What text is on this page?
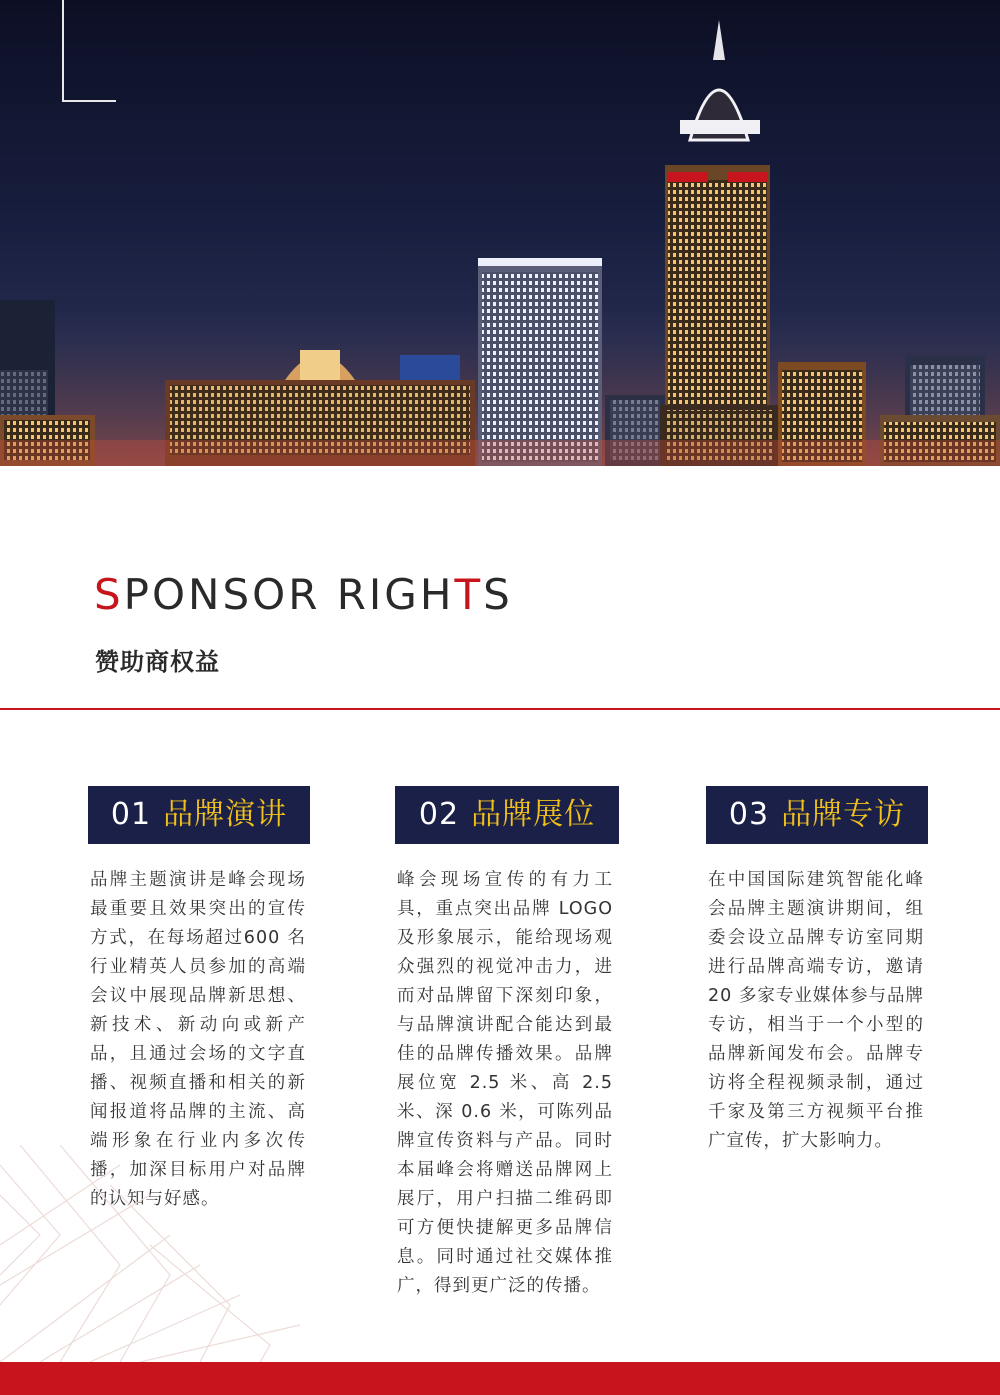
SPONSOR RIGHTS
赞助商权益
01 品牌演讲
品牌主题演讲是峰会现场最重要且效果突出的宣传方式，在每场超过600 名行业精英人员参加的高端会议中展现品牌新思想、新技术、新动向或新产品，且通过会场的文字直播、视频直播和相关的新闻报道将品牌的主流、高端形象在行业内多次传播，加深目标用户对品牌的认知与好感。
02 品牌展位
峰会现场宣传的有力工具，重点突出品牌 LOGO 及形象展示，能给现场观众强烈的视觉冲击力，进而对品牌留下深刻印象，与品牌演讲配合能达到最佳的品牌传播效果。品牌展位宽 2.5 米、高 2.5 米、深 0.6 米，可陈列品牌宣传资料与产品。同时本届峰会将赠送品牌网上展厅，用户扫描二维码即可方便快捷解更多品牌信息。同时通过社交媒体推广，得到更广泛的传播。
03 品牌专访
在中国国际建筑智能化峰会品牌主题演讲期间，组委会设立品牌专访室同期进行品牌高端专访，邀请 20 多家专业媒体参与品牌专访，相当于一个小型的品牌新闻发布会。品牌专访将全程视频录制，通过千家及第三方视频平台推广宣传，扩大影响力。
